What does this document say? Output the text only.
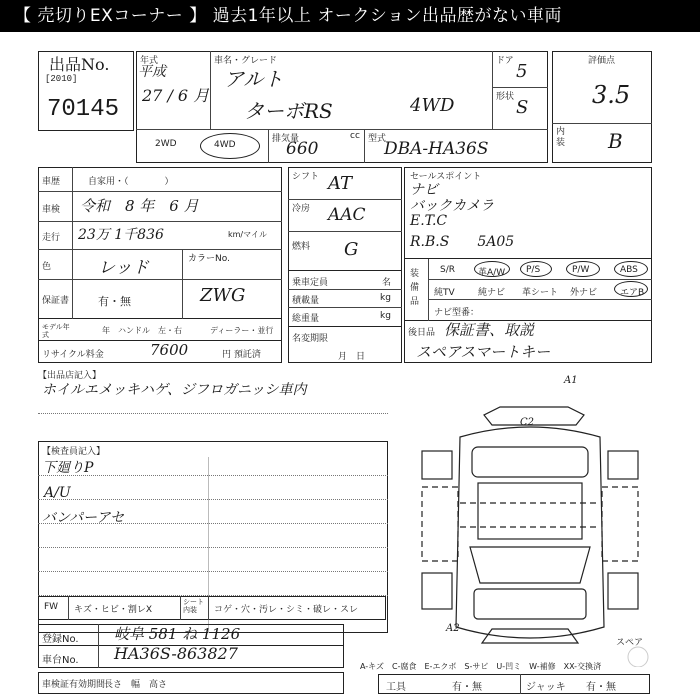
【 売切りEXコーナー 】 過去1年以上 オークション出品歴がない車両
出品No.
[2010]
70145
年式
平成
27 / 6 月
車名・グレード
アルト
ターボRS	4WD
ドア 5
形状 S
2WD	4WD
排気量	cc
660	型式
DBA-HA36S
評価点
3.5
内装 B
車歴	自家用・（　　　　）
車検 令和　8 年　6 月
走行 23万 1千836	km/マイル
色	レッド	カラーNo.
保証書	有・無	ZWG
モデル年式	年 ハンドル　左・右	ディーラー・並行
リサイクル料金	7600	円 預託済
シフト AT
冷房 AAC
燃料 G
乗車定員	名
積載量	kg
総重量	kg
名変期限
月　日
セールスポイント
ナビ
バックカメラ
E.T.C
R.B.S　　5A05
装備品
S/R	革A/W P/S	P/W	ABS
純TV	純ナビ 革シート 外ナビ	エアB
ナビ型番：
後日品 保証書、取説
スペアスマートキー
【出品店記入】
ホイルエメッキハゲ、ジフロガニッシ車内
【検査員記入】
下廻りP
A/U
バンパーアセ
FW キズ・ヒビ・割レX
シート内装	コゲ・穴・汚レ・シミ・破レ・スレ
登録No. 岐阜 581 ね 1126
車台No. HA36S-863827
車検証有効期間
長さ　幅　高さ
A1
C2
A2
スペア
A-キズ　C-腐食　E-エクボ　S-サビ　U-凹ミ　W-補修　XX-交換済
工具	有・無	ジャッキ 有・無
